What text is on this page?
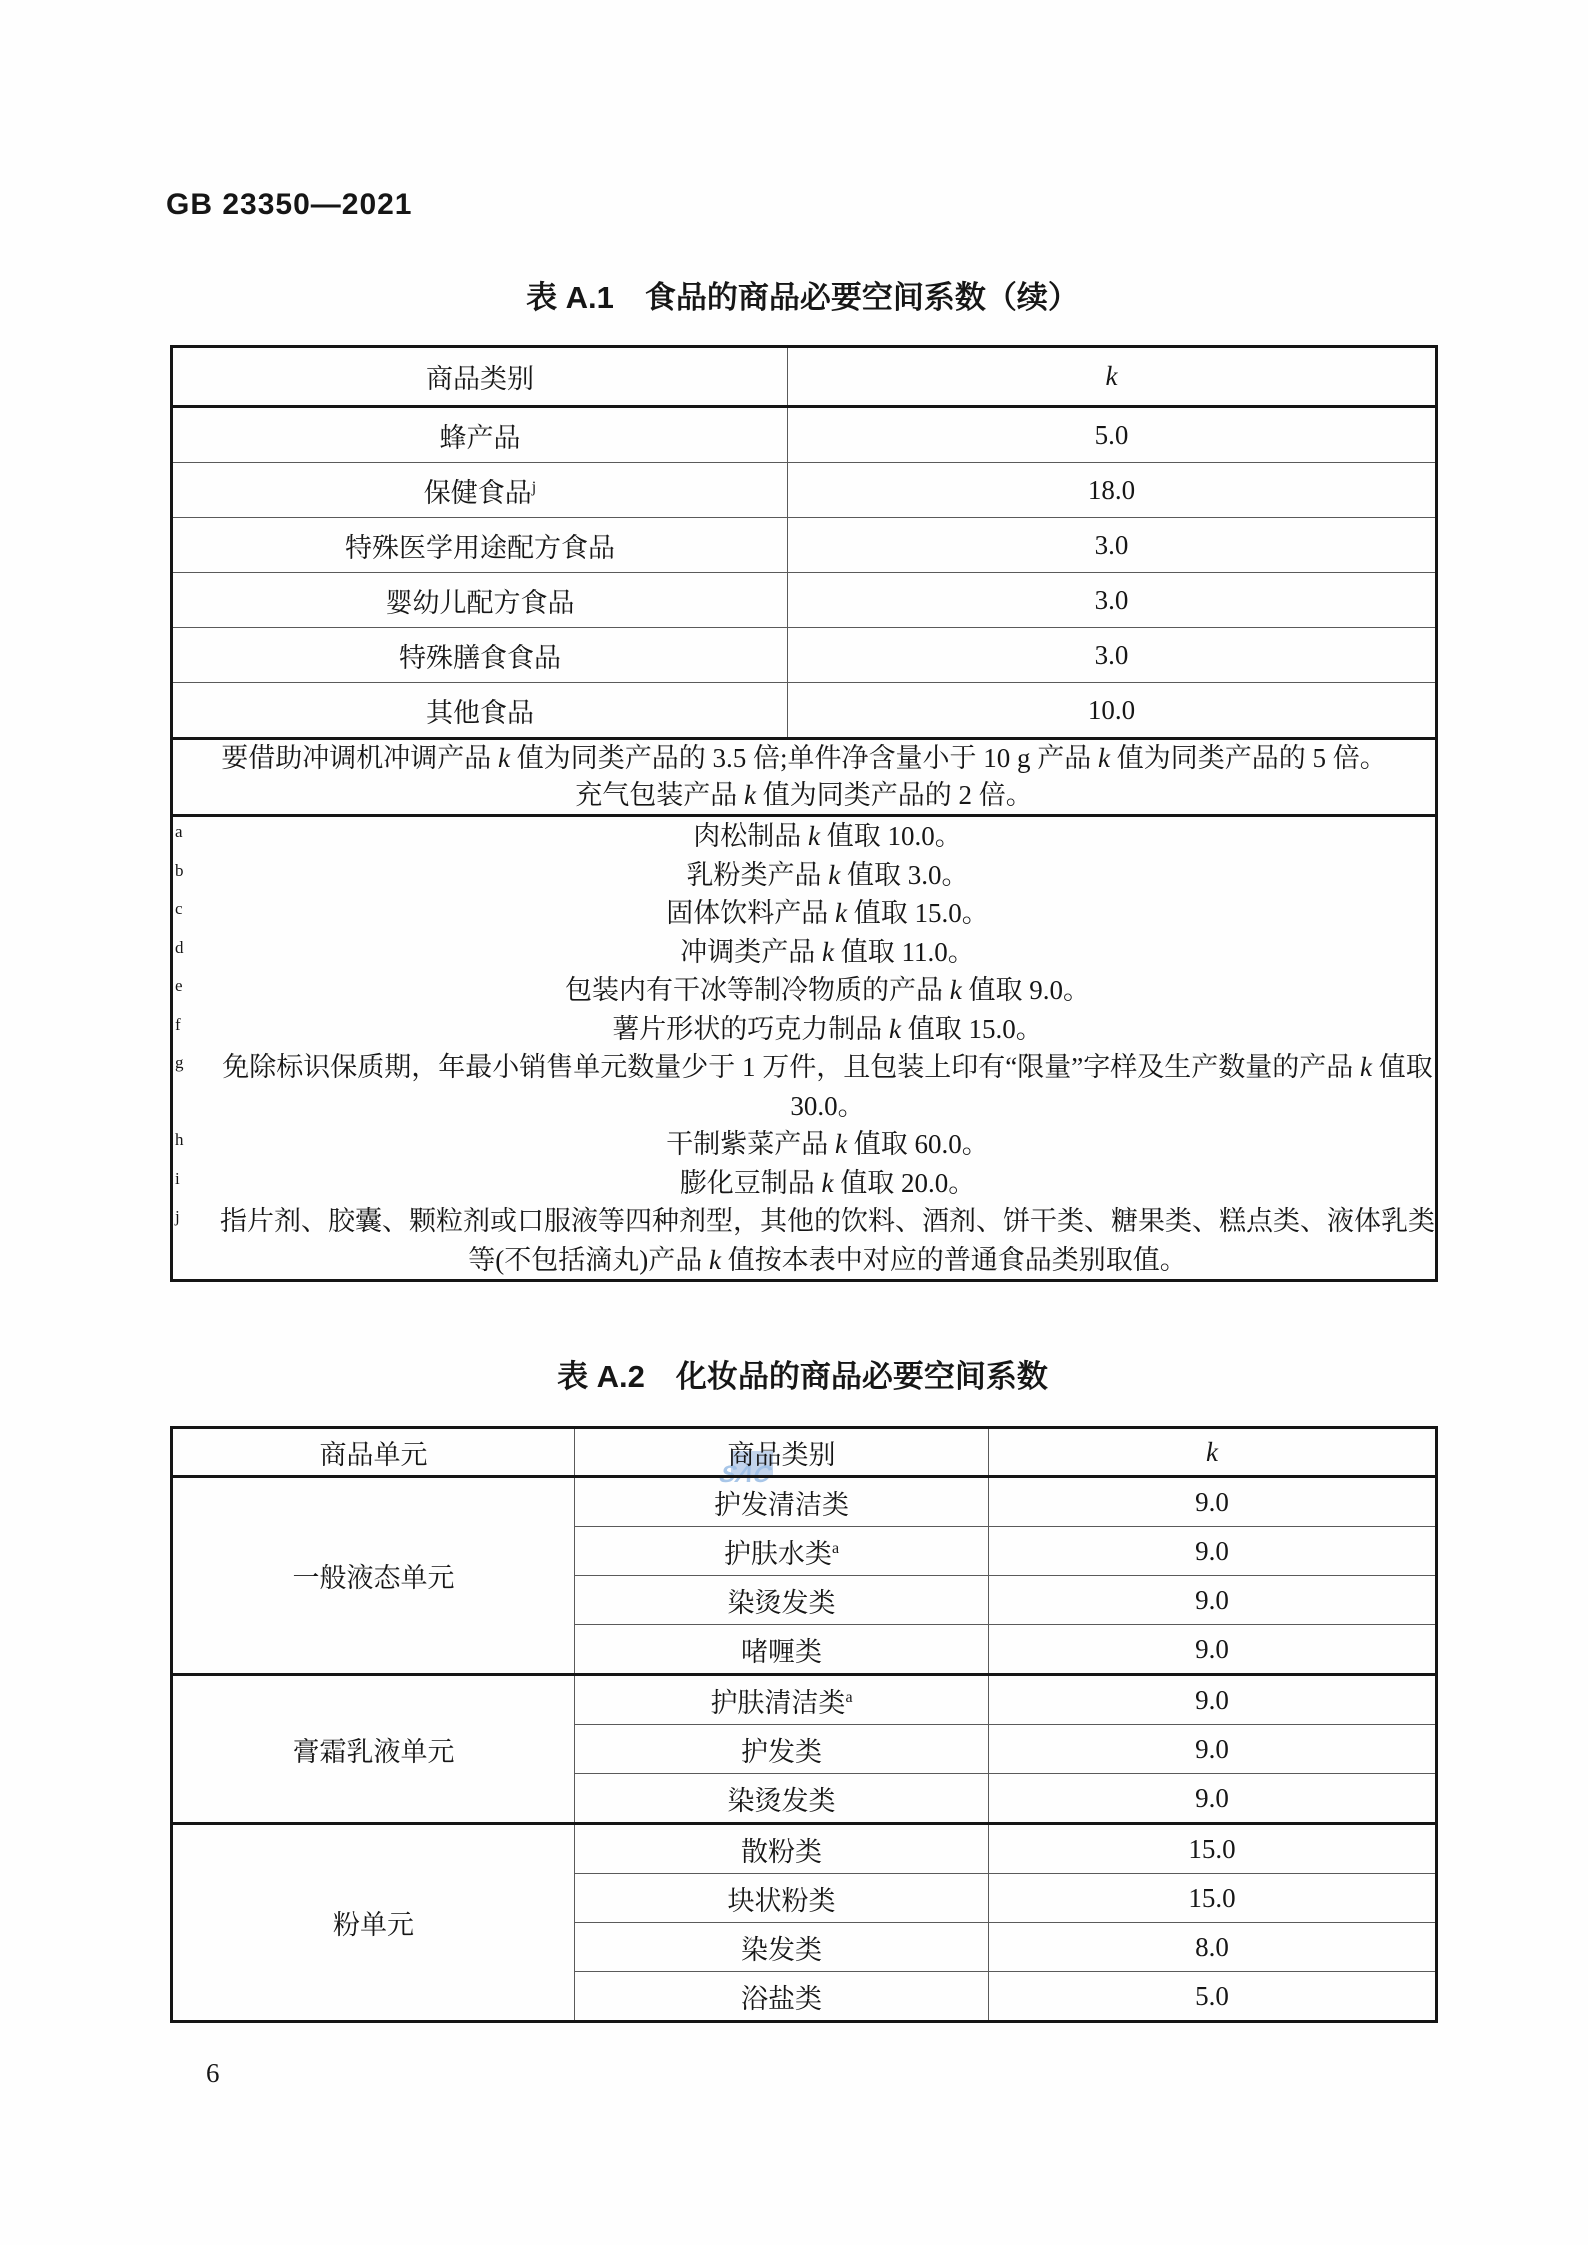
GB 23350—2021
表 A.1　食品的商品必要空间系数（续）
SAC
商品类别	k
蜂产品	5.0
保健食品$^j$	18.0
特殊医学用途配方食品	3.0
婴幼儿配方食品	3.0
特殊膳食食品	3.0
其他食品	10.0

要借助冲调机冲调产品 k 值为同类产品的 3.5 倍;单件净含量小于 10 g 产品 k 值为同类产品的 5 倍。

充气包装产品 k 值为同类产品的 2 倍。	

a	肉松制品 k 值取 10.0。
b	乳粉类产品 k 值取 3.0。
c	固体饮料产品 k 值取 15.0。
d	冲调类产品 k 值取 11.0。
e	包装内有干冰等制冷物质的产品 k 值取 9.0。
f	薯片形状的巧克力制品 k 值取 15.0。
g	免除标识保质期，年最小销售单元数量少于 1 万件，且包装上印有“限量”字样及生产数量的产品 k 值取 30.0。
h	干制紫菜产品 k 值取 60.0。
i	膨化豆制品 k 值取 20.0。
j	指片剂、胶囊、颗粒剂或口服液等四种剂型，其他的饮料、酒剂、饼干类、糖果类、糕点类、液体乳类等(不包括滴丸)产品 k 值按本表中对应的普通食品类别取值。
表 A.2　化妆品的商品必要空间系数
商品单元	商品类别	k
一般液态单元	护发清洁类	9.0
	护肤水类$^a$	9.0
	染烫发类	9.0
	啫喱类	9.0
膏霜乳液单元	护肤清洁类$^a$	9.0
	护发类	9.0
	染烫发类	9.0
粉单元	散粉类	15.0
	块状粉类	15.0
	染发类	8.0
	浴盐类	5.0
6
